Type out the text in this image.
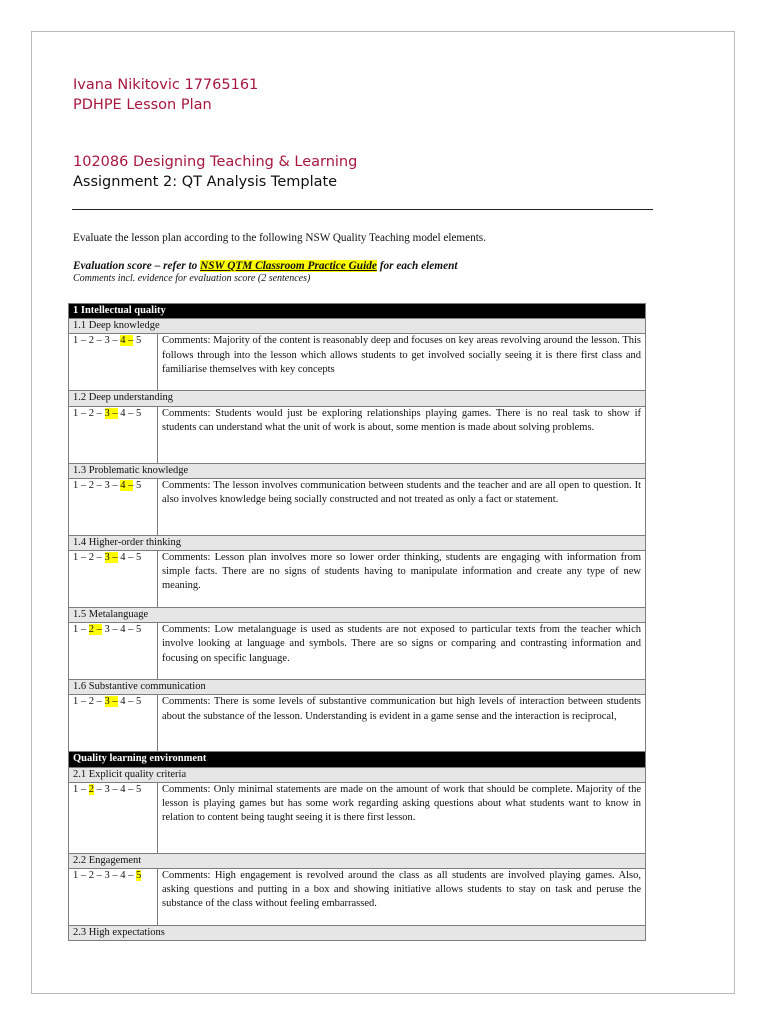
Ivana Nikitovic 17765161
PDHPE Lesson Plan
102086 Designing Teaching & Learning
Assignment 2: QT Analysis Template
Evaluate the lesson plan according to the following NSW Quality Teaching model elements.
Evaluation score – refer to NSW QTM Classroom Practice Guide for each element
Comments incl. evidence for evaluation score (2 sentences)
1 Intellectual quality	
1.1 Deep knowledge	
1 – 2 – 3 – 4 – 5	Comments: Majority of the content is reasonably deep and focuses on key areas revolving around the lesson. This follows through into the lesson which allows students to get involved socially seeing it is there first class and familiarise themselves with key concepts
1.2 Deep understanding	
1 – 2 – 3 – 4 – 5	Comments: Students would just be exploring relationships playing games. There is no real task to show if students can understand what the unit of work is about, some mention is made about solving problems.
1.3 Problematic knowledge	
1 – 2 – 3 – 4 – 5	Comments: The lesson involves communication between students and the teacher and are all open to question. It also involves knowledge being socially constructed and not treated as only a fact or statement.
1.4 Higher-order thinking	
1 – 2 – 3 – 4 – 5	Comments: Lesson plan involves more so lower order thinking, students are engaging with information from simple facts. There are no signs of students having to manipulate information and create any type of new meaning.
1.5 Metalanguage	
1 – 2 – 3 – 4 – 5	Comments: Low metalanguage is used as students are not exposed to particular texts from the teacher which involve looking at language and symbols. There are so signs or comparing and contrasting information and focusing on specific language.
1.6 Substantive communication	
1 – 2 – 3 – 4 – 5	Comments: There is some levels of substantive communication but high levels of interaction between students about the substance of the lesson. Understanding is evident in a game sense and the interaction is reciprocal,
Quality learning environment	
2.1 Explicit quality criteria	
1 – 2 – 3 – 4 – 5	Comments: Only minimal statements are made on the amount of work that should be complete. Majority of the lesson is playing games but has some work regarding asking questions about what students want to know in relation to content being taught seeing it is there first lesson.
2.2 Engagement	
1 – 2 – 3 – 4 – 5	Comments: High engagement is revolved around the class as all students are involved playing games. Also, asking questions and putting in a box and showing initiative allows students to stay on task and peruse the substance of the class without feeling embarrassed.
2.3 High expectations	
